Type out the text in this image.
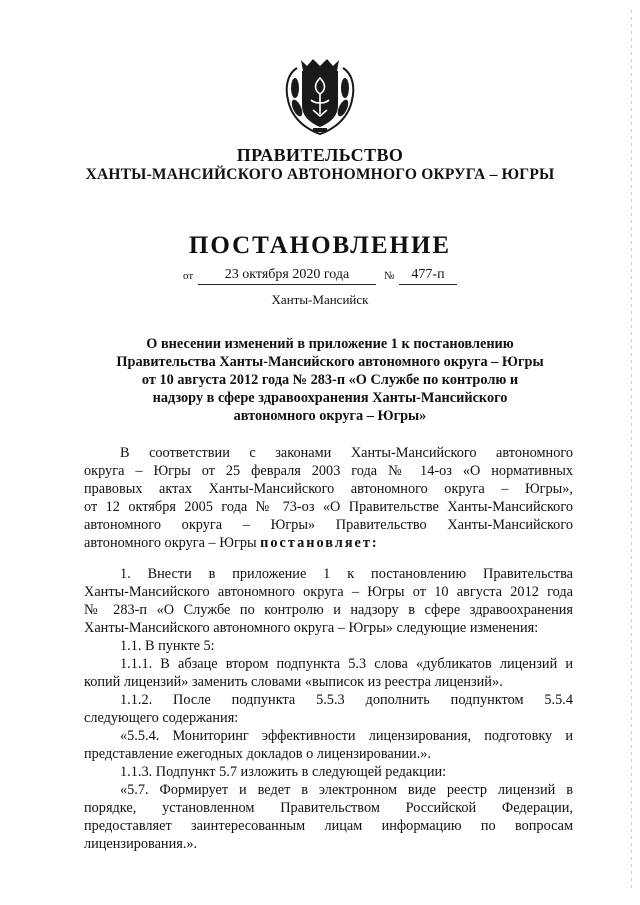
ПРАВИТЕЛЬСТВО
ХАНТЫ-МАНСИЙСКОГО АВТОНОМНОГО ОКРУГА – ЮГРЫ
ПОСТАНОВЛЕНИЕ
от	23 октября 2020 года	№	477-п
Ханты-Мансийск
О внесении изменений в приложение 1 к постановлению
Правительства Ханты-Мансийского автономного округа – Югры
от 10 августа 2012 года № 283-п «О Службе по контролю и
надзору в сфере здравоохранения Ханты-Мансийского
автономного округа – Югры»
В соответствии с законами Ханты-Мансийского автономного
округа – Югры от 25 февраля 2003 года № 14-оз «О нормативных
правовых актах Ханты-Мансийского автономного округа – Югры»,
от 12 октября 2005 года № 73-оз «О Правительстве Ханты-Мансийского
автономного округа – Югры» Правительство Ханты-Мансийского
автономного округа – Югры постановляет:
1. Внести в приложение 1 к постановлению Правительства
Ханты-Мансийского автономного округа – Югры от 10 августа 2012 года
№ 283-п «О Службе по контролю и надзору в сфере здравоохранения
Ханты-Мансийского автономного округа – Югры» следующие изменения:
1.1. В пункте 5:
1.1.1. В абзаце втором подпункта 5.3 слова «дубликатов лицензий и
копий лицензий» заменить словами «выписок из реестра лицензий».
1.1.2. После подпункта 5.5.3 дополнить подпунктом 5.5.4
следующего содержания:
«5.5.4. Мониторинг эффективности лицензирования, подготовку и
представление ежегодных докладов о лицензировании.».
1.1.3. Подпункт 5.7 изложить в следующей редакции:
«5.7. Формирует и ведет в электронном виде реестр лицензий в
порядке, установленном Правительством Российской Федерации,
предоставляет заинтересованным лицам информацию по вопросам
лицензирования.».
